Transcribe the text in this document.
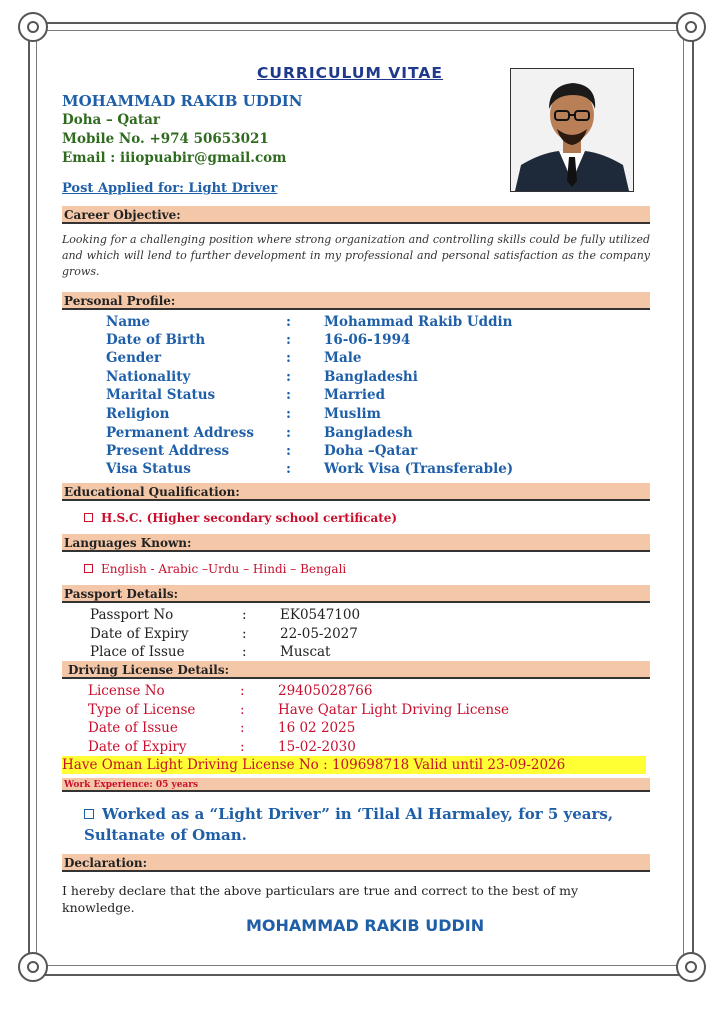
CURRICULUM VITAE
MOHAMMAD RAKIB UDDIN
Doha – Qatar
Mobile No. +974 50653021
Email : iiiopuabir@gmail.com
Post Applied for: Light Driver
Career Objective:
Looking for a challenging position where strong organization and controlling skills could be fully utilized and which will lend to further development in my professional and personal satisfaction as the company grows.
Personal Profile:
Name	: Mohammad Rakib Uddin
Date of Birth	: 16-06-1994
Gender	: Male
Nationality	: Bangladeshi
Marital Status	: Married
Religion	: Muslim
Permanent Address : Bangladesh
Present Address	: Doha –Qatar
Visa Status	: Work Visa (Transferable)
Educational Qualification:
H.S.C. (Higher secondary school certificate)
Languages Known:
English - Arabic –Urdu – Hindi – Bengali
Passport Details:
Passport No	: EK0547100
Date of Expiry	: 22-05-2027
Place of Issue	: Muscat
Driving License Details:
License No	: 29405028766
Type of License	: Have Qatar Light Driving License
Date of Issue	: 16 02 2025
Date of Expiry	: 15-02-2030
Have Oman Light Driving License No : 109698718 Valid until 23-09-2026
Work Experience: 05 years
Worked as a “Light Driver” in ‘Tilal Al Harmaley, for 5 years, Sultanate of Oman.
Declaration:
I hereby declare that the above particulars are true and correct to the best of my knowledge.
MOHAMMAD RAKIB UDDIN
